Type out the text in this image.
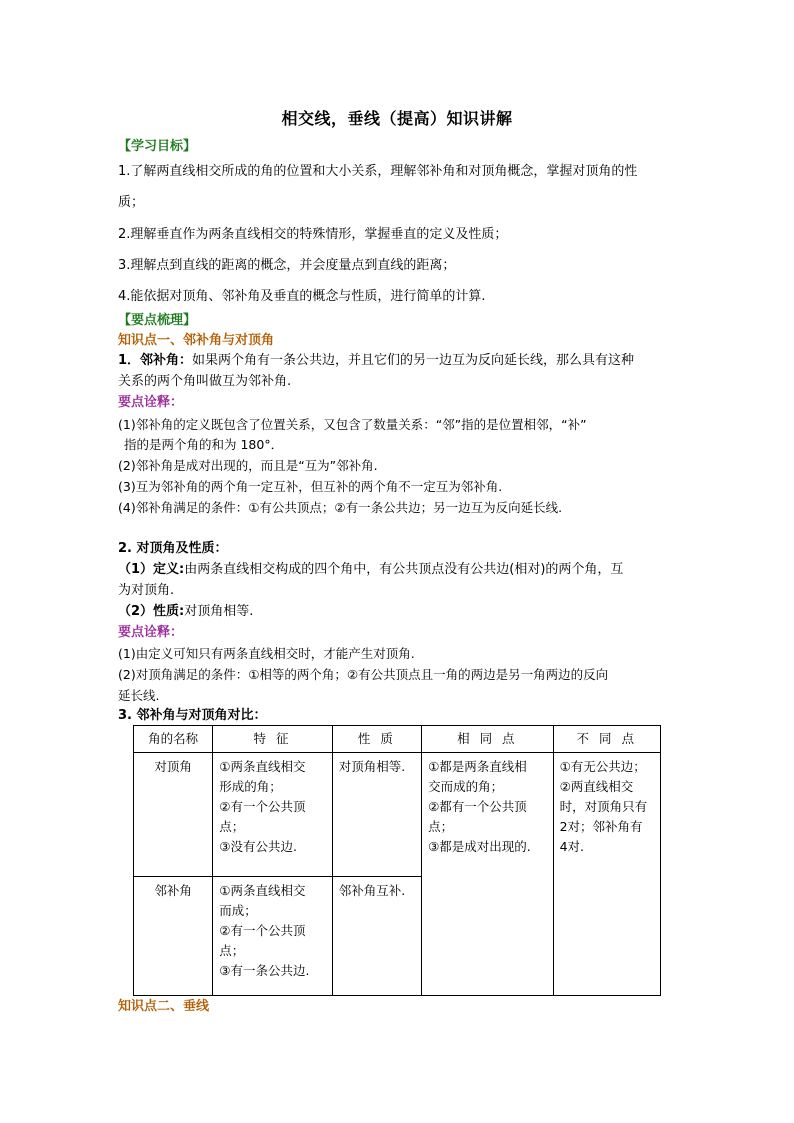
相交线，垂线（提高）知识讲解
【学习目标】
1.了解两直线相交所成的角的位置和大小关系，理解邻补角和对顶角概念，掌握对顶角的性
质；
2.理解垂直作为两条直线相交的特殊情形，掌握垂直的定义及性质；
3.理解点到直线的距离的概念，并会度量点到直线的距离；
4.能依据对顶角、邻补角及垂直的概念与性质，进行简单的计算.
【要点梳理】
知识点一、邻补角与对顶角
1．邻补角：如果两个角有一条公共边，并且它们的另一边互为反向延长线，那么具有这种
关系的两个角叫做互为邻补角.
要点诠释：
(1)邻补角的定义既包含了位置关系，又包含了数量关系：“邻”指的是位置相邻，“补”
指的是两个角的和为 180°．
(2)邻补角是成对出现的，而且是“互为”邻补角.
(3)互为邻补角的两个角一定互补，但互补的两个角不一定互为邻补角.
(4)邻补角满足的条件：①有公共顶点；②有一条公共边；另一边互为反向延长线.
2. 对顶角及性质：
（1）定义:由两条直线相交构成的四个角中，有公共顶点没有公共边(相对)的两个角，互
为对顶角.
（2）性质:对顶角相等.
要点诠释：
(1)由定义可知只有两条直线相交时，才能产生对顶角.
(2)对顶角满足的条件：①相等的两个角；②有公共顶点且一角的两边是另一角两边的反向
延长线.
3. 邻补角与对顶角对比：
角的名称	特 征	性 质	相 同 点	不 同 点
对顶角	①两条直线相交
形成的角；
②有一个公共顶
点；
③没有公共边.	对顶角相等.	①都是两条直线相
交而成的角；
②都有一个公共顶
点；
③都是成对出现的.	①有无公共边；
②两直线相交
时，对顶角只有
2对；邻补角有
4对.

邻补角	①两条直线相交
而成；
②有一个公共顶
点；
③有一条公共边.	邻补角互补.		
知识点二、垂线
